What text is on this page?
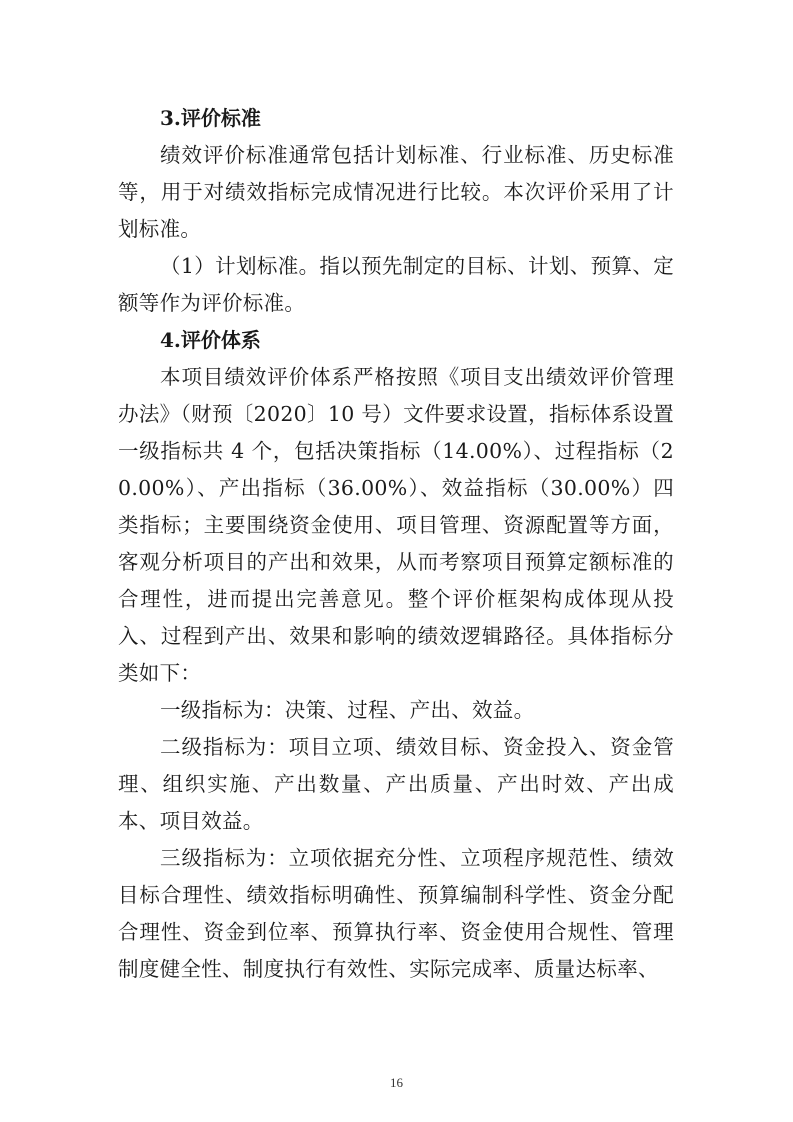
3.评价标准

绩效评价标准通常包括计划标准、行业标准、历史标准等，用于对绩效指标完成情况进行比较。本次评价采用了计划标准。

（1）计划标准。指以预先制定的目标、计划、预算、定额等作为评价标准。

4.评价体系

本项目绩效评价体系严格按照《项目支出绩效评价管理办法》（财预〔2020〕10 号）文件要求设置，指标体系设置一级指标共 4 个，包括决策指标（14.00%）、过程指标（20.00%）、产出指标（36.00%）、效益指标（30.00%）四类指标；主要围绕资金使用、项目管理、资源配置等方面，客观分析项目的产出和效果，从而考察项目预算定额标准的合理性，进而提出完善意见。整个评价框架构成体现从投入、过程到产出、效果和影响的绩效逻辑路径。具体指标分类如下：

一级指标为：决策、过程、产出、效益。

二级指标为：项目立项、绩效目标、资金投入、资金管理、组织实施、产出数量、产出质量、产出时效、产出成本、项目效益。

三级指标为：立项依据充分性、立项程序规范性、绩效目标合理性、绩效指标明确性、预算编制科学性、资金分配合理性、资金到位率、预算执行率、资金使用合规性、管理制度健全性、制度执行有效性、实际完成率、质量达标率、

16
